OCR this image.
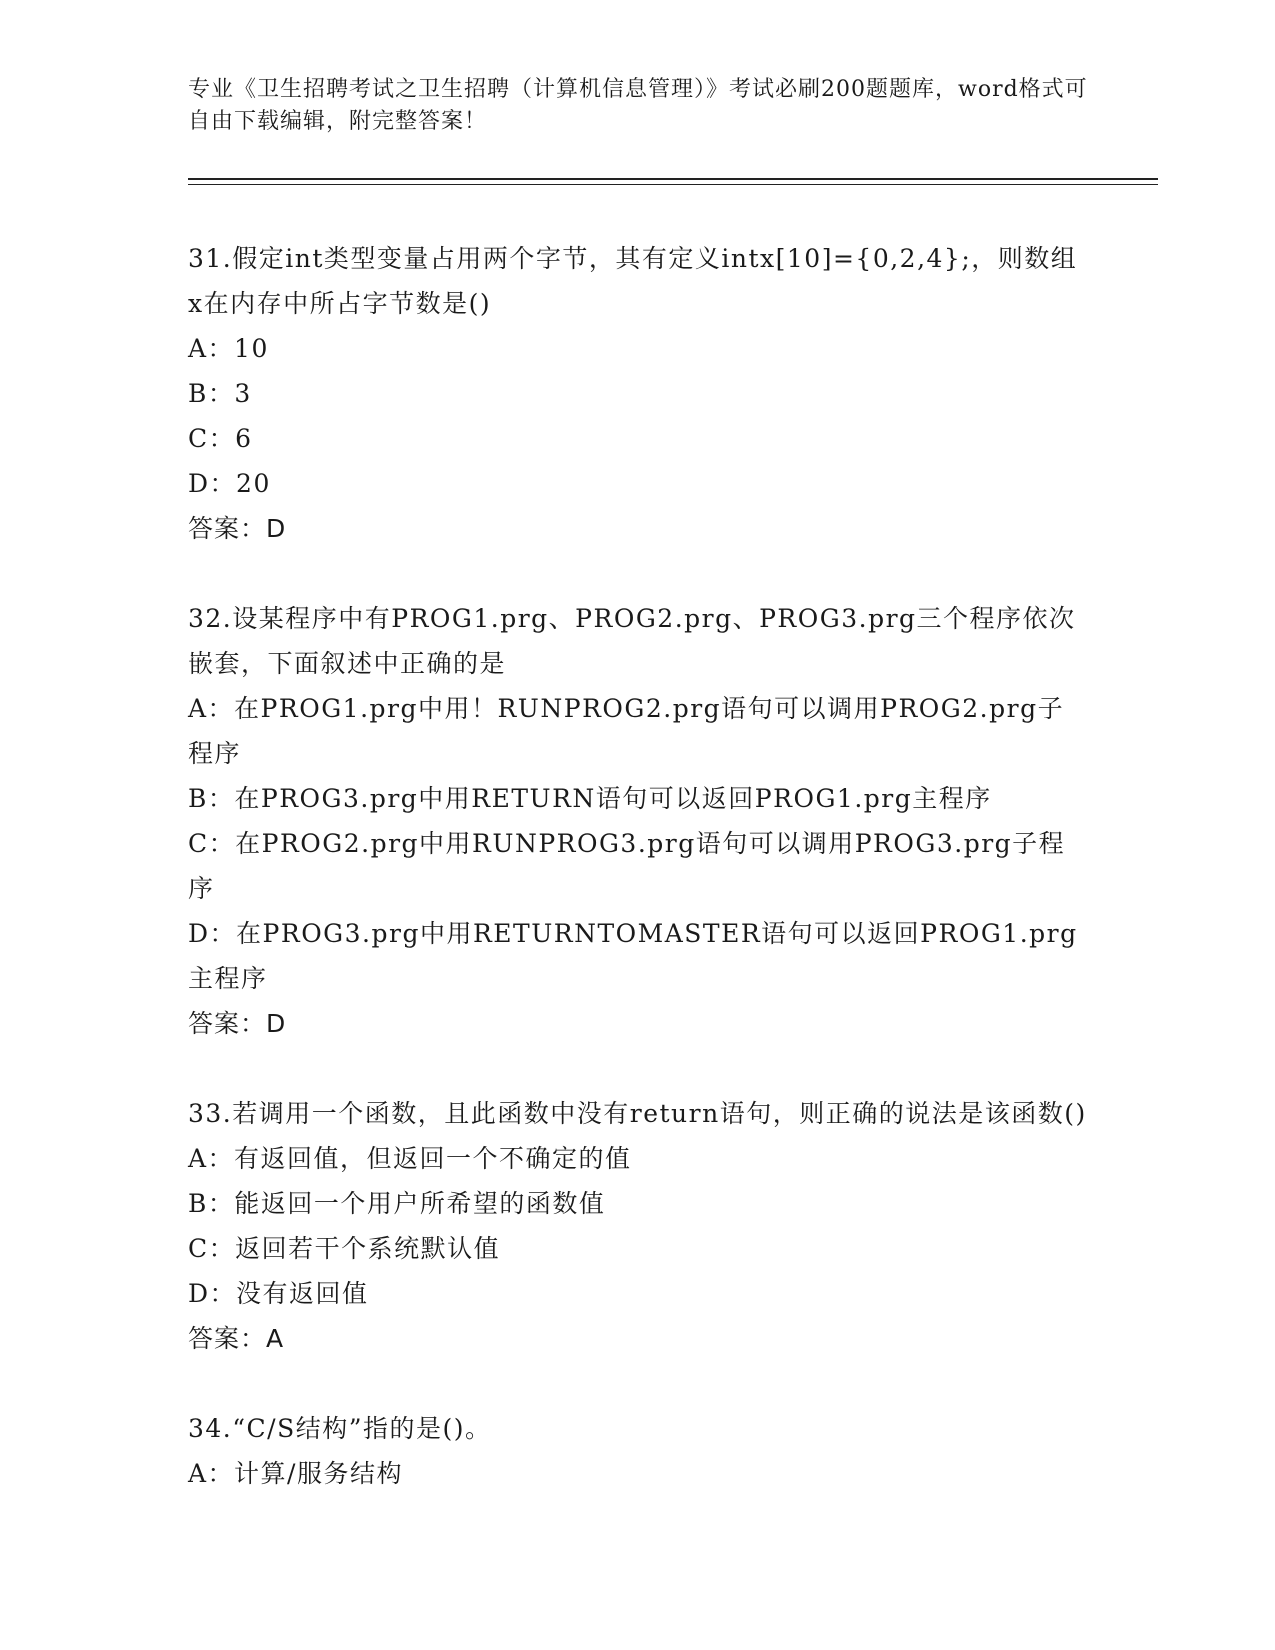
专业《卫生招聘考试之卫生招聘（计算机信息管理）》考试必刷200题题库，word格式可自由下载编辑，附完整答案！
31.假定int类型变量占用两个字节，其有定义intx[10]={0,2,4};，则数组x在内存中所占字节数是()
A：10
B：3
C：6
D：20
答案：D
32.设某程序中有PROG1.prg、PROG2.prg、PROG3.prg三个程序依次嵌套，下面叙述中正确的是
A：在PROG1.prg中用！RUNPROG2.prg语句可以调用PROG2.prg子程序
B：在PROG3.prg中用RETURN语句可以返回PROG1.prg主程序
C：在PROG2.prg中用RUNPROG3.prg语句可以调用PROG3.prg子程序
D：在PROG3.prg中用RETURNTOMASTER语句可以返回PROG1.prg主程序
答案：D
33.若调用一个函数，且此函数中没有return语句，则正确的说法是该函数()
A：有返回值，但返回一个不确定的值
B：能返回一个用户所希望的函数值
C：返回若干个系统默认值
D：没有返回值
答案：A
34.“C/S结构”指的是()。
A：计算/服务结构
